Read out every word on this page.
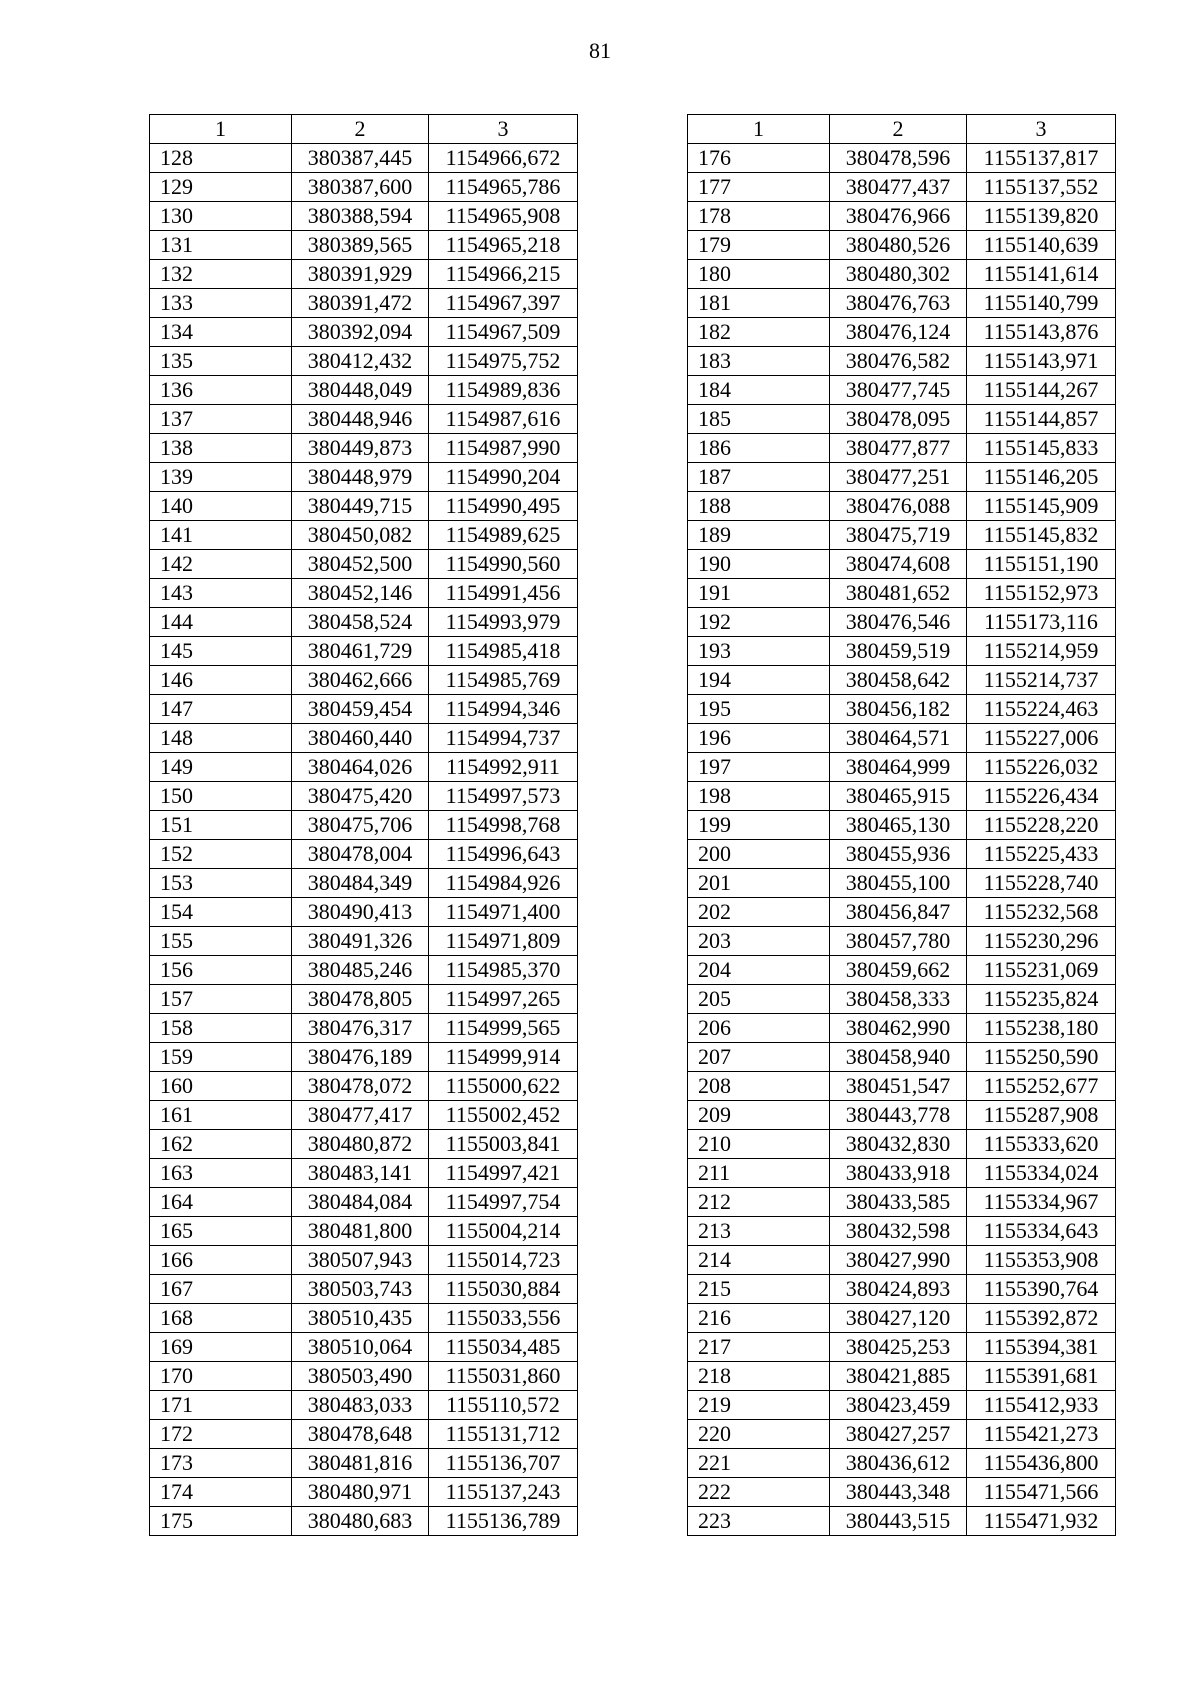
81
1	2	3
128	380387,445	1154966,672
129	380387,600	1154965,786
130	380388,594	1154965,908
131	380389,565	1154965,218
132	380391,929	1154966,215
133	380391,472	1154967,397
134	380392,094	1154967,509
135	380412,432	1154975,752
136	380448,049	1154989,836
137	380448,946	1154987,616
138	380449,873	1154987,990
139	380448,979	1154990,204
140	380449,715	1154990,495
141	380450,082	1154989,625
142	380452,500	1154990,560
143	380452,146	1154991,456
144	380458,524	1154993,979
145	380461,729	1154985,418
146	380462,666	1154985,769
147	380459,454	1154994,346
148	380460,440	1154994,737
149	380464,026	1154992,911
150	380475,420	1154997,573
151	380475,706	1154998,768
152	380478,004	1154996,643
153	380484,349	1154984,926
154	380490,413	1154971,400
155	380491,326	1154971,809
156	380485,246	1154985,370
157	380478,805	1154997,265
158	380476,317	1154999,565
159	380476,189	1154999,914
160	380478,072	1155000,622
161	380477,417	1155002,452
162	380480,872	1155003,841
163	380483,141	1154997,421
164	380484,084	1154997,754
165	380481,800	1155004,214
166	380507,943	1155014,723
167	380503,743	1155030,884
168	380510,435	1155033,556
169	380510,064	1155034,485
170	380503,490	1155031,860
171	380483,033	1155110,572
172	380478,648	1155131,712
173	380481,816	1155136,707
174	380480,971	1155137,243
175	380480,683	1155136,789
1	2	3
176	380478,596	1155137,817
177	380477,437	1155137,552
178	380476,966	1155139,820
179	380480,526	1155140,639
180	380480,302	1155141,614
181	380476,763	1155140,799
182	380476,124	1155143,876
183	380476,582	1155143,971
184	380477,745	1155144,267
185	380478,095	1155144,857
186	380477,877	1155145,833
187	380477,251	1155146,205
188	380476,088	1155145,909
189	380475,719	1155145,832
190	380474,608	1155151,190
191	380481,652	1155152,973
192	380476,546	1155173,116
193	380459,519	1155214,959
194	380458,642	1155214,737
195	380456,182	1155224,463
196	380464,571	1155227,006
197	380464,999	1155226,032
198	380465,915	1155226,434
199	380465,130	1155228,220
200	380455,936	1155225,433
201	380455,100	1155228,740
202	380456,847	1155232,568
203	380457,780	1155230,296
204	380459,662	1155231,069
205	380458,333	1155235,824
206	380462,990	1155238,180
207	380458,940	1155250,590
208	380451,547	1155252,677
209	380443,778	1155287,908
210	380432,830	1155333,620
211	380433,918	1155334,024
212	380433,585	1155334,967
213	380432,598	1155334,643
214	380427,990	1155353,908
215	380424,893	1155390,764
216	380427,120	1155392,872
217	380425,253	1155394,381
218	380421,885	1155391,681
219	380423,459	1155412,933
220	380427,257	1155421,273
221	380436,612	1155436,800
222	380443,348	1155471,566
223	380443,515	1155471,932
